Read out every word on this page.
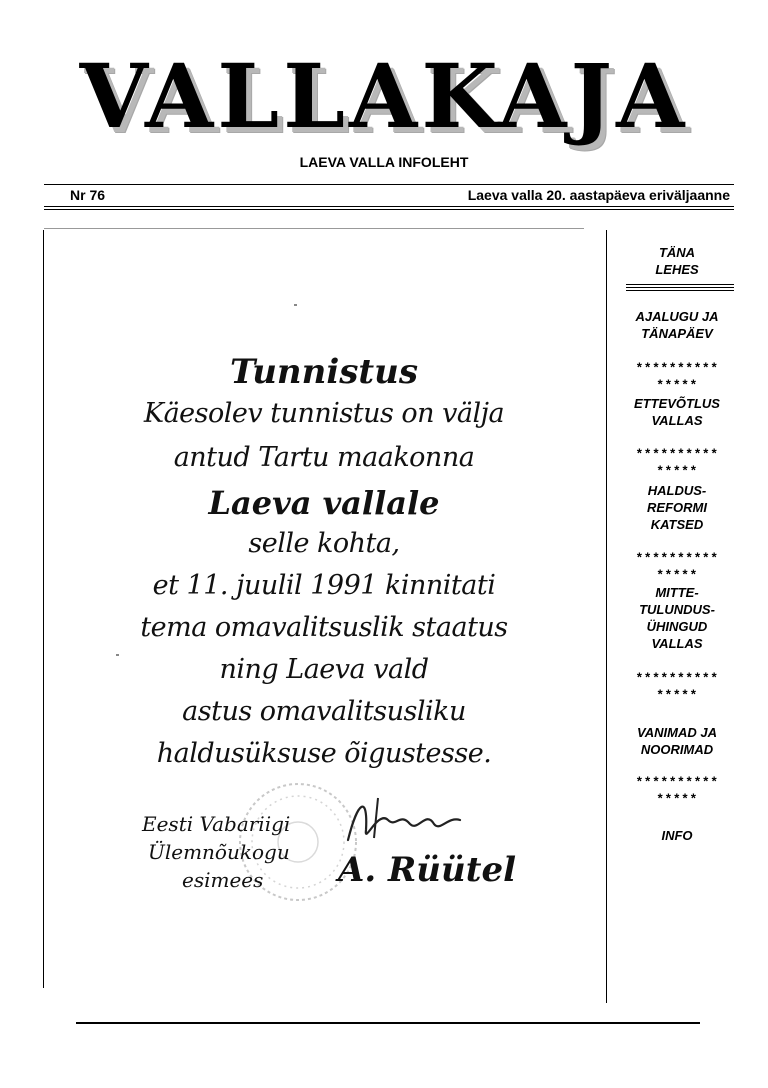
VALLAKAJA
LAEVA VALLA INFOLEHT
Nr 76	Laeva valla 20. aastapäeva eriväljaanne
Tunnistus
Käesolev tunnistus on välja
antud Tartu maakonna
Laeva vallale
selle kohta,
et 11. juulil 1991 kinnitati
tema omavalitsuslik staatus
ning Laeva vald
astus omavalitsusliku
haldusüksuse õigustesse.
Eesti Vabariigi
Ülemnõukogu
esimees	A. Rüütel
TÄNA
LEHES
AJALUGU JA
TÄNAPÄEV
**********
*****
ETTEVÕTLUS
VALLAS
**********
*****
HALDUS-
REFORMI
KATSED
**********
*****
MITTE-
TULUNDUS-
ÜHINGUD
VALLAS
**********
*****
VANIMAD JA
NOORIMAD
**********
*****
INFO
